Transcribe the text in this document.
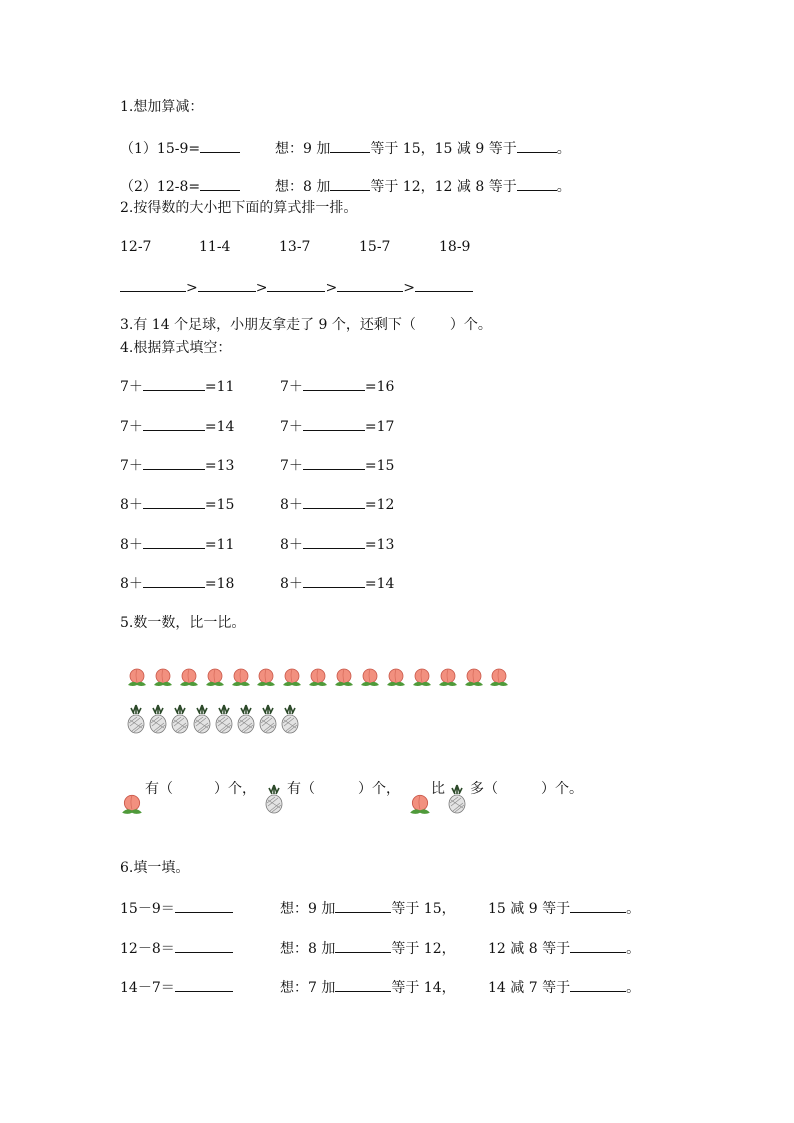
1.想加算减：
（1）15-9=	想：9 加	等于 15，15 减 9 等于	。
（2）12-8=	想：8 加	等于 12，12 减 8 等于	。
2.按得数的大小把下面的算式排一排。
12-7	11-4	13-7	15-7	18-9
>	>	>	>
3.有 14 个足球，小朋友拿走了 9 个，还剩下（ ）个。
4.根据算式填空：
7＋	=11	7＋	=16
7＋	=14	7＋	=17
7＋	=13	7＋	=15
8＋	=15	8＋	=12
8＋	=11	8＋	=13
8＋	=18	8＋	=14
5.数一数，比一比。
有（	）个， 有（	）个， 比 多（	）个。
6.填一填。
15－9＝	想：9 加	等于 15， 15 减 9 等于	。
12－8＝	想：8 加	等于 12， 12 减 8 等于	。
14－7＝	想：7 加	等于 14， 14 减 7 等于	。
